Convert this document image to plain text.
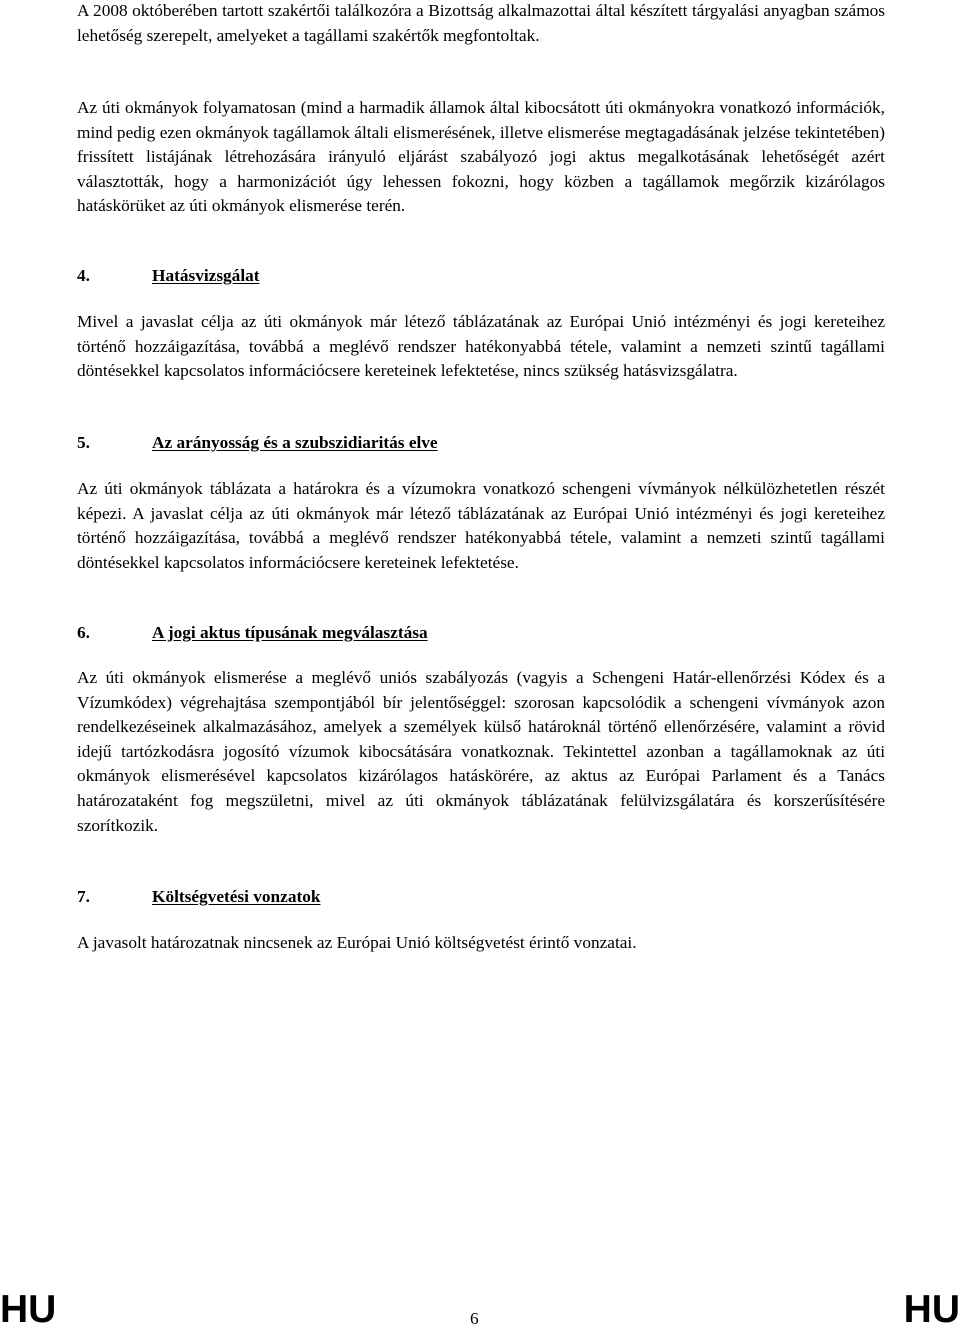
A 2008 októberében tartott szakértői találkozóra a Bizottság alkalmazottai által készített tárgyalási anyagban számos lehetőség szerepelt, amelyeket a tagállami szakértők megfontoltak.

Az úti okmányok folyamatosan (mind a harmadik államok által kibocsátott úti okmányokra vonatkozó információk, mind pedig ezen okmányok tagállamok általi elismerésének, illetve elismerése megtagadásának jelzése tekintetében) frissített listájának létrehozására irányuló eljárást szabályozó jogi aktus megalkotásának lehetőségét azért választották, hogy a harmonizációt úgy lehessen fokozni, hogy közben a tagállamok megőrzik kizárólagos hatáskörüket az úti okmányok elismerése terén.

4.	Hatásvizsgálat

Mivel a javaslat célja az úti okmányok már létező táblázatának az Európai Unió intézményi és jogi kereteihez történő hozzáigazítása, továbbá a meglévő rendszer hatékonyabbá tétele, valamint a nemzeti szintű tagállami döntésekkel kapcsolatos információcsere kereteinek lefektetése, nincs szükség hatásvizsgálatra.

5.	Az arányosság és a szubszidiaritás elve

Az úti okmányok táblázata a határokra és a vízumokra vonatkozó schengeni vívmányok nélkülözhetetlen részét képezi. A javaslat célja az úti okmányok már létező táblázatának az Európai Unió intézményi és jogi kereteihez történő hozzáigazítása, továbbá a meglévő rendszer hatékonyabbá tétele, valamint a nemzeti szintű tagállami döntésekkel kapcsolatos információcsere kereteinek lefektetése.

6.	A jogi aktus típusának megválasztása

Az úti okmányok elismerése a meglévő uniós szabályozás (vagyis a Schengeni Határ-ellenőrzési Kódex és a Vízumkódex) végrehajtása szempontjából bír jelentőséggel: szorosan kapcsolódik a schengeni vívmányok azon rendelkezéseinek alkalmazásához, amelyek a személyek külső határoknál történő ellenőrzésére, valamint a rövid idejű tartózkodásra jogosító vízumok kibocsátására vonatkoznak. Tekintettel azonban a tagállamoknak az úti okmányok elismerésével kapcsolatos kizárólagos hatáskörére, az aktus az Európai Parlament és a Tanács határozataként fog megszületni, mivel az úti okmányok táblázatának felülvizsgálatára és korszerűsítésére szorítkozik.

7.	Költségvetési vonzatok

A javasolt határozatnak nincsenek az Európai Unió költségvetést érintő vonzatai.

HU	6	HU
